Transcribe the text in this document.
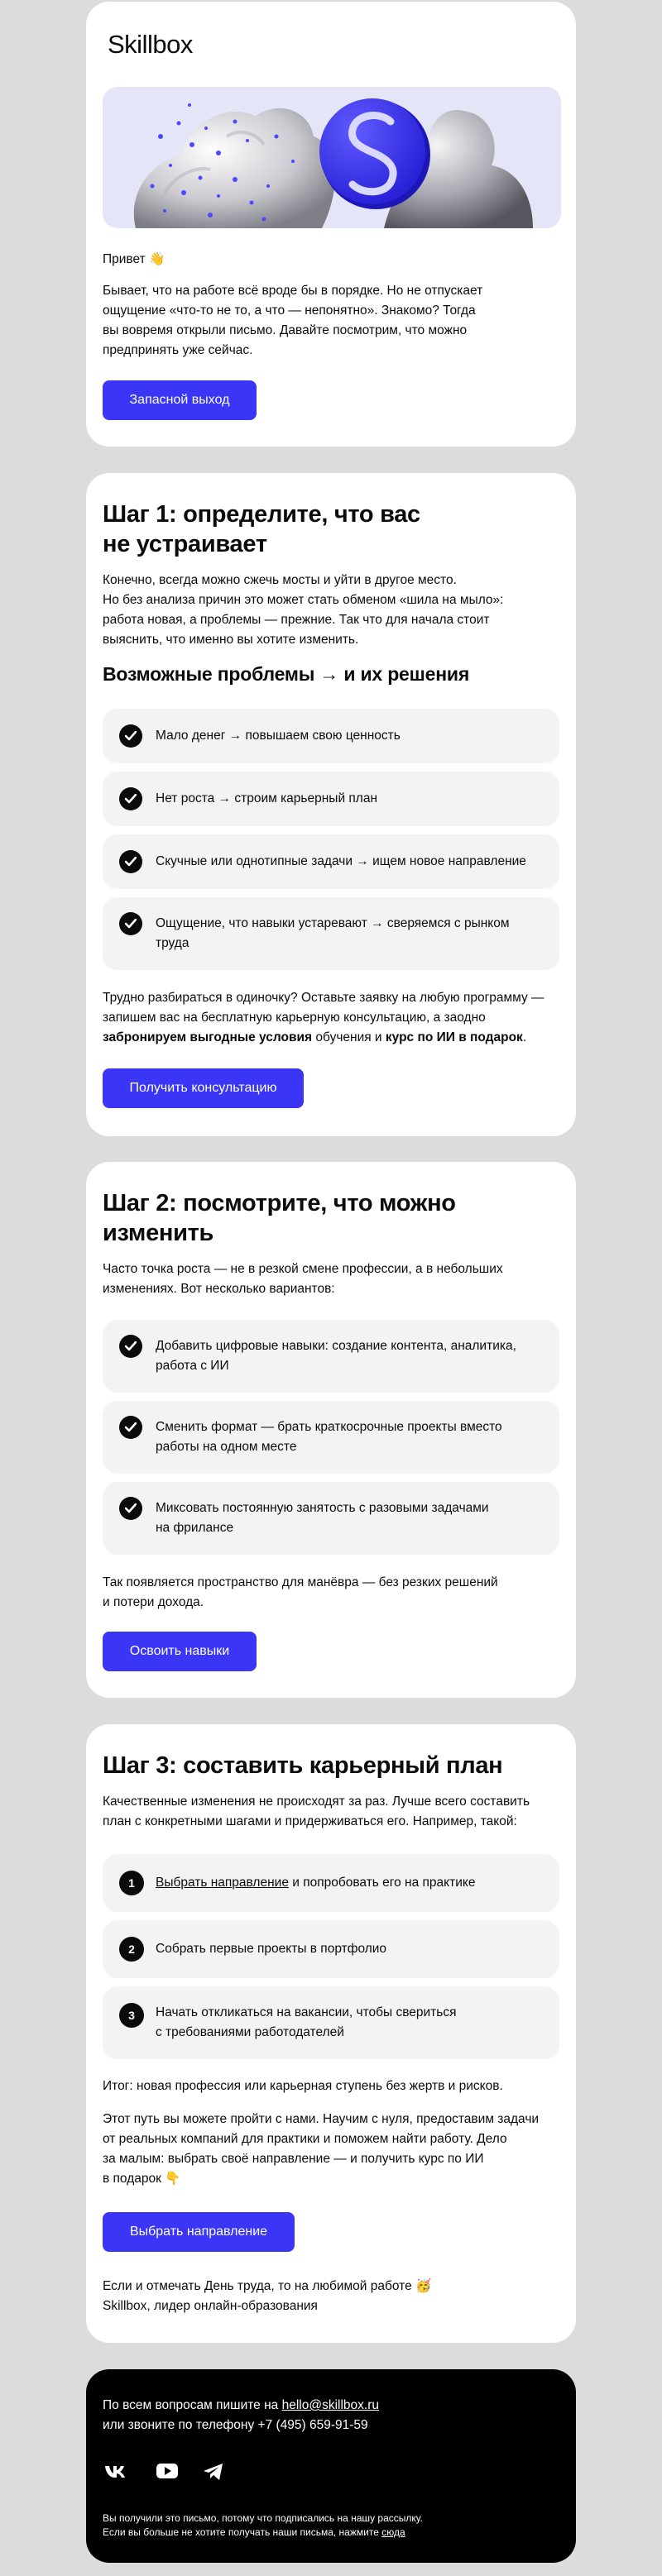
Skillbox
Привет 👋
Бывает, что на работе всё вроде бы в порядке. Но не отпускает
ощущение «что-то не то, а что — непонятно». Знакомо? Тогда
вы вовремя открыли письмо. Давайте посмотрим, что можно
предпринять уже сейчас.
Запасной выход
Шаг 1: определите, что вас
не устраивает
Конечно, всегда можно сжечь мосты и уйти в другое место.
Но без анализа причин это может стать обменом «шила на мыло»:
работа новая, а проблемы — прежние. Так что для начала стоит
выяснить, что именно вы хотите изменить.
Возможные проблемы → и их решения
Мало денег → повышаем свою ценность
Нет роста → строим карьерный план
Скучные или однотипные задачи → ищем новое направление
Ощущение, что навыки устаревают → сверяемся с рынком
труда
Трудно разбираться в одиночку? Оставьте заявку на любую программу —
запишем вас на бесплатную карьерную консультацию, а заодно
забронируем выгодные условия обучения и курс по ИИ в подарок.
Получить консультацию
Шаг 2: посмотрите, что можно
изменить
Часто точка роста — не в резкой смене профессии, а в небольших
изменениях. Вот несколько вариантов:
Добавить цифровые навыки: создание контента, аналитика,
работа с ИИ
Сменить формат — брать краткосрочные проекты вместо
работы на одном месте
Миксовать постоянную занятость с разовыми задачами
на фрилансе
Так появляется пространство для манёвра — без резких решений
и потери дохода.
Освоить навыки
Шаг 3: составить карьерный план
Качественные изменения не происходят за раз. Лучше всего составить
план с конкретными шагами и придерживаться его. Например, такой:
1	Выбрать направление и попробовать его на практике
2	Собрать первые проекты в портфолио
3	Начать откликаться на вакансии, чтобы свериться
с требованиями работодателей
Итог: новая профессия или карьерная ступень без жертв и рисков.
Этот путь вы можете пройти с нами. Научим с нуля, предоставим задачи
от реальных компаний для практики и поможем найти работу. Дело
за малым: выбрать своё направление — и получить курс по ИИ
в подарок 👇
Выбрать направление
Если и отмечать День труда, то на любимой работе 🥳
Skillbox, лидер онлайн-образования
По всем вопросам пишите на hello@skillbox.ru
или звоните по телефону +7 (495) 659-91-59
Вы получили это письмо, потому что подписались на нашу рассылку.
Если вы больше не хотите получать наши письма, нажмите сюда
